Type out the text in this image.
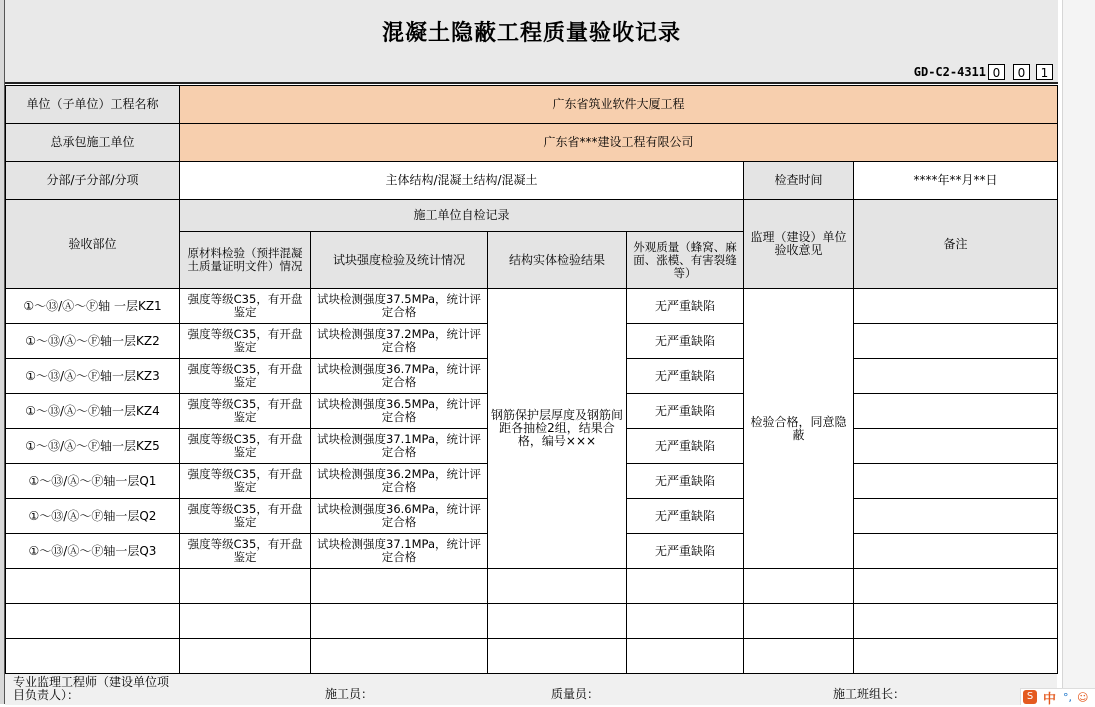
混凝土隐蔽工程质量验收记录
GD-C2-4311 0	0	1
单位（子单位）工程名称	广东省筑业软件大厦工程					
总承包施工单位	广东省***建设工程有限公司					
分部/子分部/分项	主体结构/混凝土结构/混凝土				检查时间	****年**月**日
验收部位	施工单位自检记录				监理（建设）单位验收意见	备注
	原材料检验（预拌混凝土质量证明文件）情况	试块强度检验及统计情况	结构实体检验结果	外观质量（蜂窝、麻面、涨模、有害裂缝等）		
①～⑬/Ⓐ～Ⓕ轴 一层KZ1	强度等级C35，有开盘鉴定	试块检测强度37.5MPa，统计评定合格	钢筋保护层厚度及钢筋间距各抽检2组，结果合格，编号×××	无严重缺陷	检验合格，同意隐蔽	
①～⑬/Ⓐ～Ⓕ轴一层KZ2	强度等级C35，有开盘鉴定	试块检测强度37.2MPa，统计评定合格		无严重缺陷		
①～⑬/Ⓐ～Ⓕ轴一层KZ3	强度等级C35，有开盘鉴定	试块检测强度36.7MPa，统计评定合格		无严重缺陷		
①～⑬/Ⓐ～Ⓕ轴一层KZ4	强度等级C35，有开盘鉴定	试块检测强度36.5MPa，统计评定合格		无严重缺陷		
①～⑬/Ⓐ～Ⓕ轴一层KZ5	强度等级C35，有开盘鉴定	试块检测强度37.1MPa，统计评定合格		无严重缺陷		
①～⑬/Ⓐ～Ⓕ轴一层Q1	强度等级C35，有开盘鉴定	试块检测强度36.2MPa，统计评定合格		无严重缺陷		
①～⑬/Ⓐ～Ⓕ轴一层Q2	强度等级C35，有开盘鉴定	试块检测强度36.6MPa，统计评定合格		无严重缺陷		
①～⑬/Ⓐ～Ⓕ轴一层Q3	强度等级C35，有开盘鉴定	试块检测强度37.1MPa，统计评定合格		无严重缺陷		

专业监理工程师（建设单位项目负责人）：	施工员：	质量员：	施工班组长：	S 中 °, ☺
